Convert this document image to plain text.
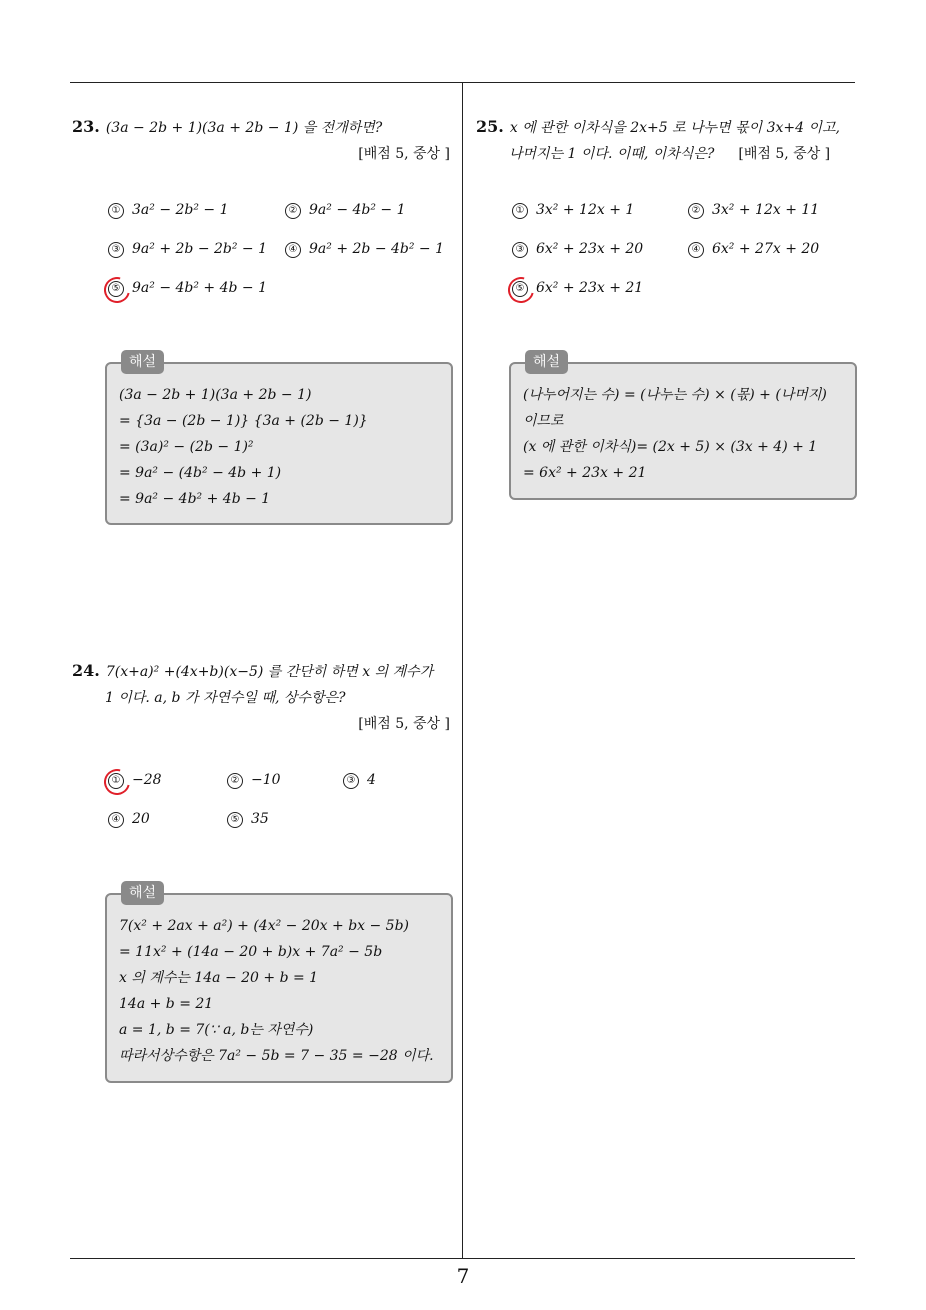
23. (3a − 2b + 1)(3a + 2b − 1) 을 전개하면?
[배점 5, 중상 ]
① 3a² − 2b² − 1	② 9a² − 4b² − 1
③ 9a² + 2b − 2b² − 1	④ 9a² + 2b − 4b² − 1
⑤ 9a² − 4b² + 4b − 1
해설
(3a − 2b + 1)(3a + 2b − 1)
= {3a − (2b − 1)} {3a + (2b − 1)}
= (3a)² − (2b − 1)²
= 9a² − (4b² − 4b + 1)
= 9a² − 4b² + 4b − 1
24. 7(x+a)² +(4x+b)(x−5) 를 간단히 하면 x 의 계수가
1 이다. a, b 가 자연수일 때, 상수항은?
[배점 5, 중상 ]
① −28	② −10	③ 4
④ 20	⑤ 35
해설
7(x² + 2ax + a²) + (4x² − 20x + bx − 5b)
= 11x² + (14a − 20 + b)x + 7a² − 5b
x 의 계수는 14a − 20 + b = 1
14a + b = 21
a = 1, b = 7(∵ a, b는 자연수)
따라서상수항은 7a² − 5b = 7 − 35 = −28 이다.
25. x 에 관한 이차식을 2x+5 로 나누면 몫이 3x+4 이고,
나머지는 1 이다. 이때, 이차식은? [배점 5, 중상 ]
① 3x² + 12x + 1	② 3x² + 12x + 11
③ 6x² + 23x + 20	④ 6x² + 27x + 20
⑤ 6x² + 23x + 21
해설
(나누어지는 수) = (나누는 수) × (몫) + (나머지)
이므로
(x 에 관한 이차식)= (2x + 5) × (3x + 4) + 1
= 6x² + 23x + 21
7
